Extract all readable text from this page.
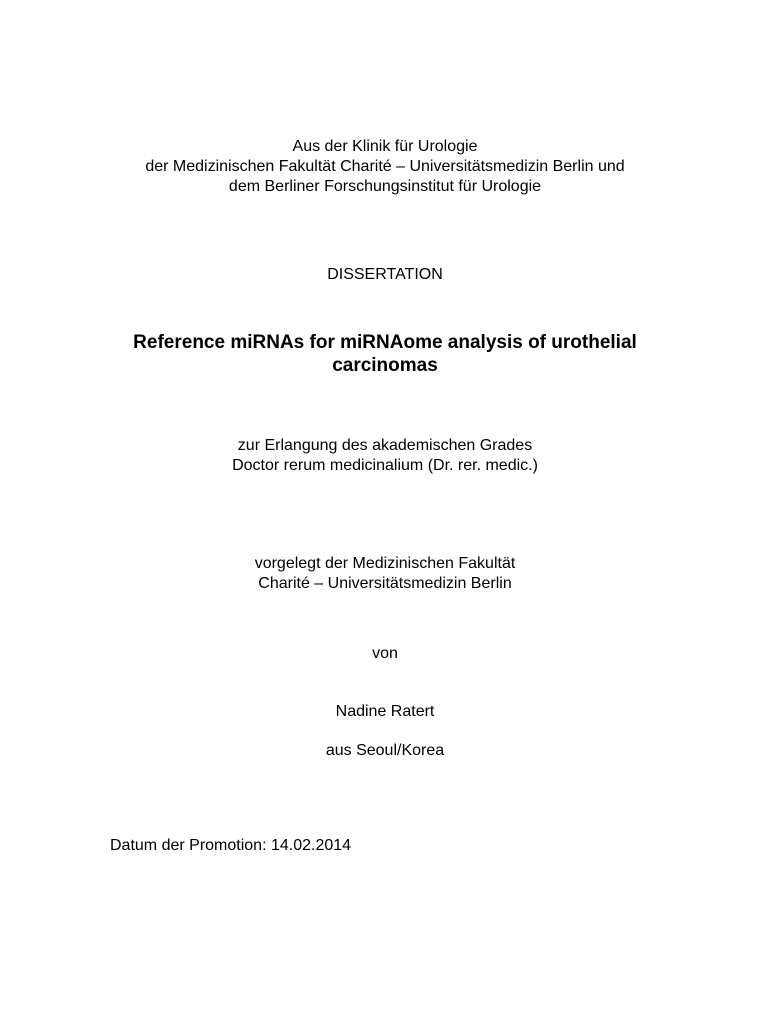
Aus der Klinik für Urologie
der Medizinischen Fakultät Charité – Universitätsmedizin Berlin und
dem Berliner Forschungsinstitut für Urologie
DISSERTATION
Reference miRNAs for miRNAome analysis of urothelial
carcinomas
zur Erlangung des akademischen Grades
Doctor rerum medicinalium (Dr. rer. medic.)
vorgelegt der Medizinischen Fakultät
Charité – Universitätsmedizin Berlin
von
Nadine Ratert
aus Seoul/Korea
Datum der Promotion: 14.02.2014
